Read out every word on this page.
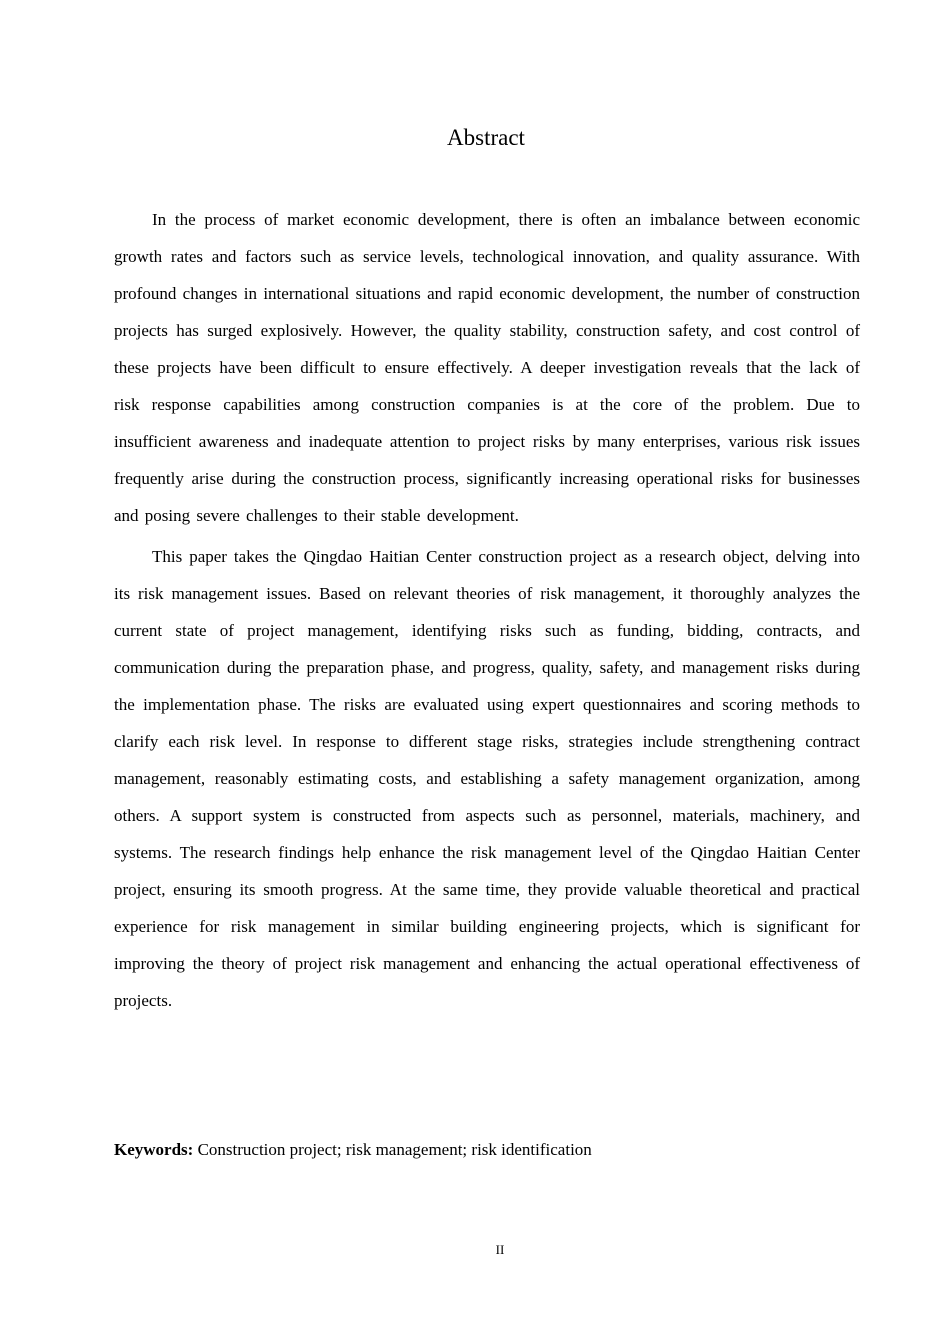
Abstract

In the process of market economic development, there is often an imbalance between economic growth rates and factors such as service levels, technological innovation, and quality assurance. With profound changes in international situations and rapid economic development, the number of construction projects has surged explosively. However, the quality stability, construction safety, and cost control of these projects have been difficult to ensure effectively. A deeper investigation reveals that the lack of risk response capabilities among construction companies is at the core of the problem. Due to insufficient awareness and inadequate attention to project risks by many enterprises, various risk issues frequently arise during the construction process, significantly increasing operational risks for businesses and posing severe challenges to their stable development.

This paper takes the Qingdao Haitian Center construction project as a research object, delving into its risk management issues. Based on relevant theories of risk management, it thoroughly analyzes the current state of project management, identifying risks such as funding, bidding, contracts, and communication during the preparation phase, and progress, quality, safety, and management risks during the implementation phase. The risks are evaluated using expert questionnaires and scoring methods to clarify each risk level. In response to different stage risks, strategies include strengthening contract management, reasonably estimating costs, and establishing a safety management organization, among others. A support system is constructed from aspects such as personnel, materials, machinery, and systems. The research findings help enhance the risk management level of the Qingdao Haitian Center project, ensuring its smooth progress. At the same time, they provide valuable theoretical and practical experience for risk management in similar building engineering projects, which is significant for improving the theory of project risk management and enhancing the actual operational effectiveness of projects.

Keywords: Construction project; risk management; risk identification
II
